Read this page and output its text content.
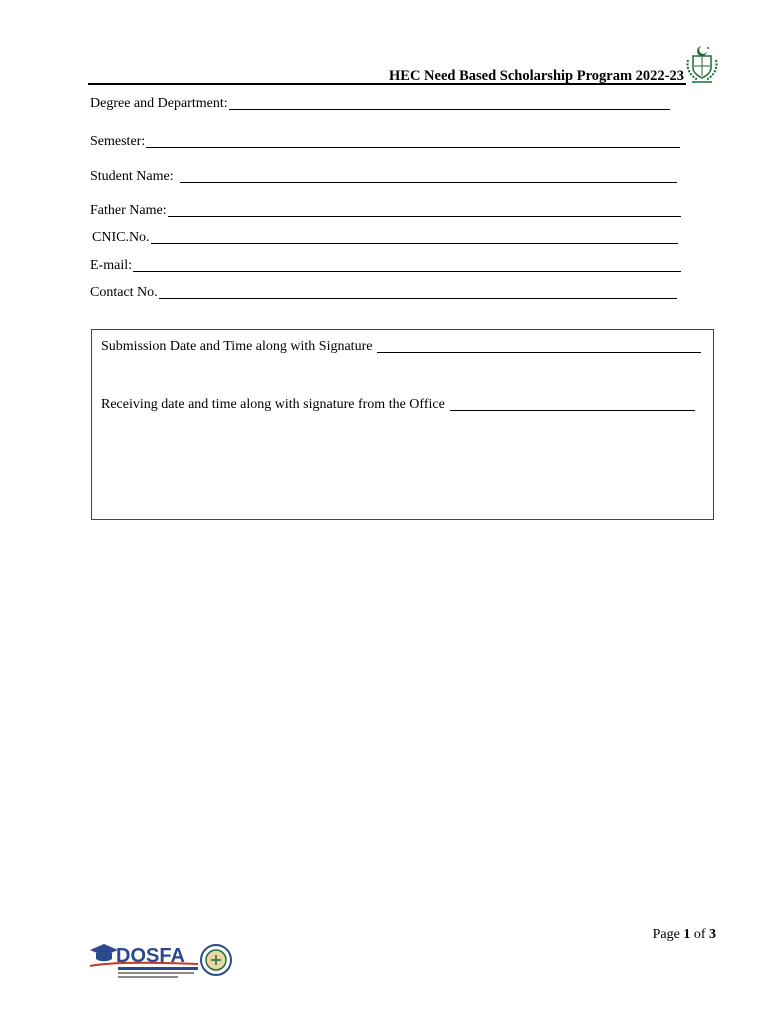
HEC Need Based Scholarship Program 2022-23
Degree and Department:
Semester:
Student Name:
Father Name:
CNIC.No.
E-mail:
Contact No.
Submission Date and Time along with Signature
Receiving date and time along with signature from the Office
Page 1 of 3
DOSFA
